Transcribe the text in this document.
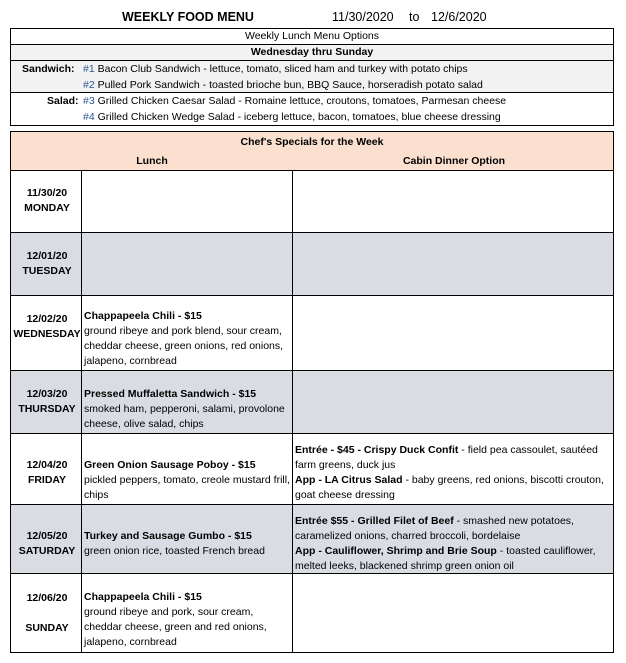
WEEKLY FOOD MENU	11/30/2020 to 12/6/2020
Weekly Lunch Menu Options
Wednesday thru Sunday
Sandwich: #1 Bacon Club Sandwich - lettuce, tomato, sliced ham and turkey with potato chips
#2 Pulled Pork Sandwich - toasted brioche bun, BBQ Sauce, horseradish potato salad
Salad: #3 Grilled Chicken Caesar Salad - Romaine lettuce, croutons, tomatoes, Parmesan cheese
#4 Grilled Chicken Wedge Salad - iceberg lettuce, bacon, tomatoes, blue cheese dressing
Chef's Specials for the Week
Lunch	Cabin Dinner Option
11/30/20
MONDAY
12/01/20
TUESDAY
12/02/20
WEDNESDAY
Chappapeela Chili - $15
ground ribeye and pork blend, sour cream, cheddar cheese, green onions, red onions, jalapeno, cornbread
12/03/20
THURSDAY
Pressed Muffaletta Sandwich - $15
smoked ham, pepperoni, salami, provolone cheese, olive salad, chips
12/04/20
FRIDAY
Green Onion Sausage Poboy - $15
pickled peppers, tomato, creole mustard frill, chips
Entrée - $45 - Crispy Duck Confit - field pea cassoulet, sautéed farm greens, duck jus
App - LA Citrus Salad - baby greens, red onions, biscotti crouton, goat cheese dressing
12/05/20
SATURDAY
Turkey and Sausage Gumbo - $15
green onion rice, toasted French bread
Entrée $55 - Grilled Filet of Beef - smashed new potatoes, caramelized onions, charred broccoli, bordelaise
App - Cauliflower, Shrimp and Brie Soup - toasted cauliflower, melted leeks, blackened shrimp green onion oil
12/06/20
SUNDAY
Chappapeela Chili - $15
ground ribeye and pork, sour cream, cheddar cheese, green and red onions, jalapeno, cornbread
